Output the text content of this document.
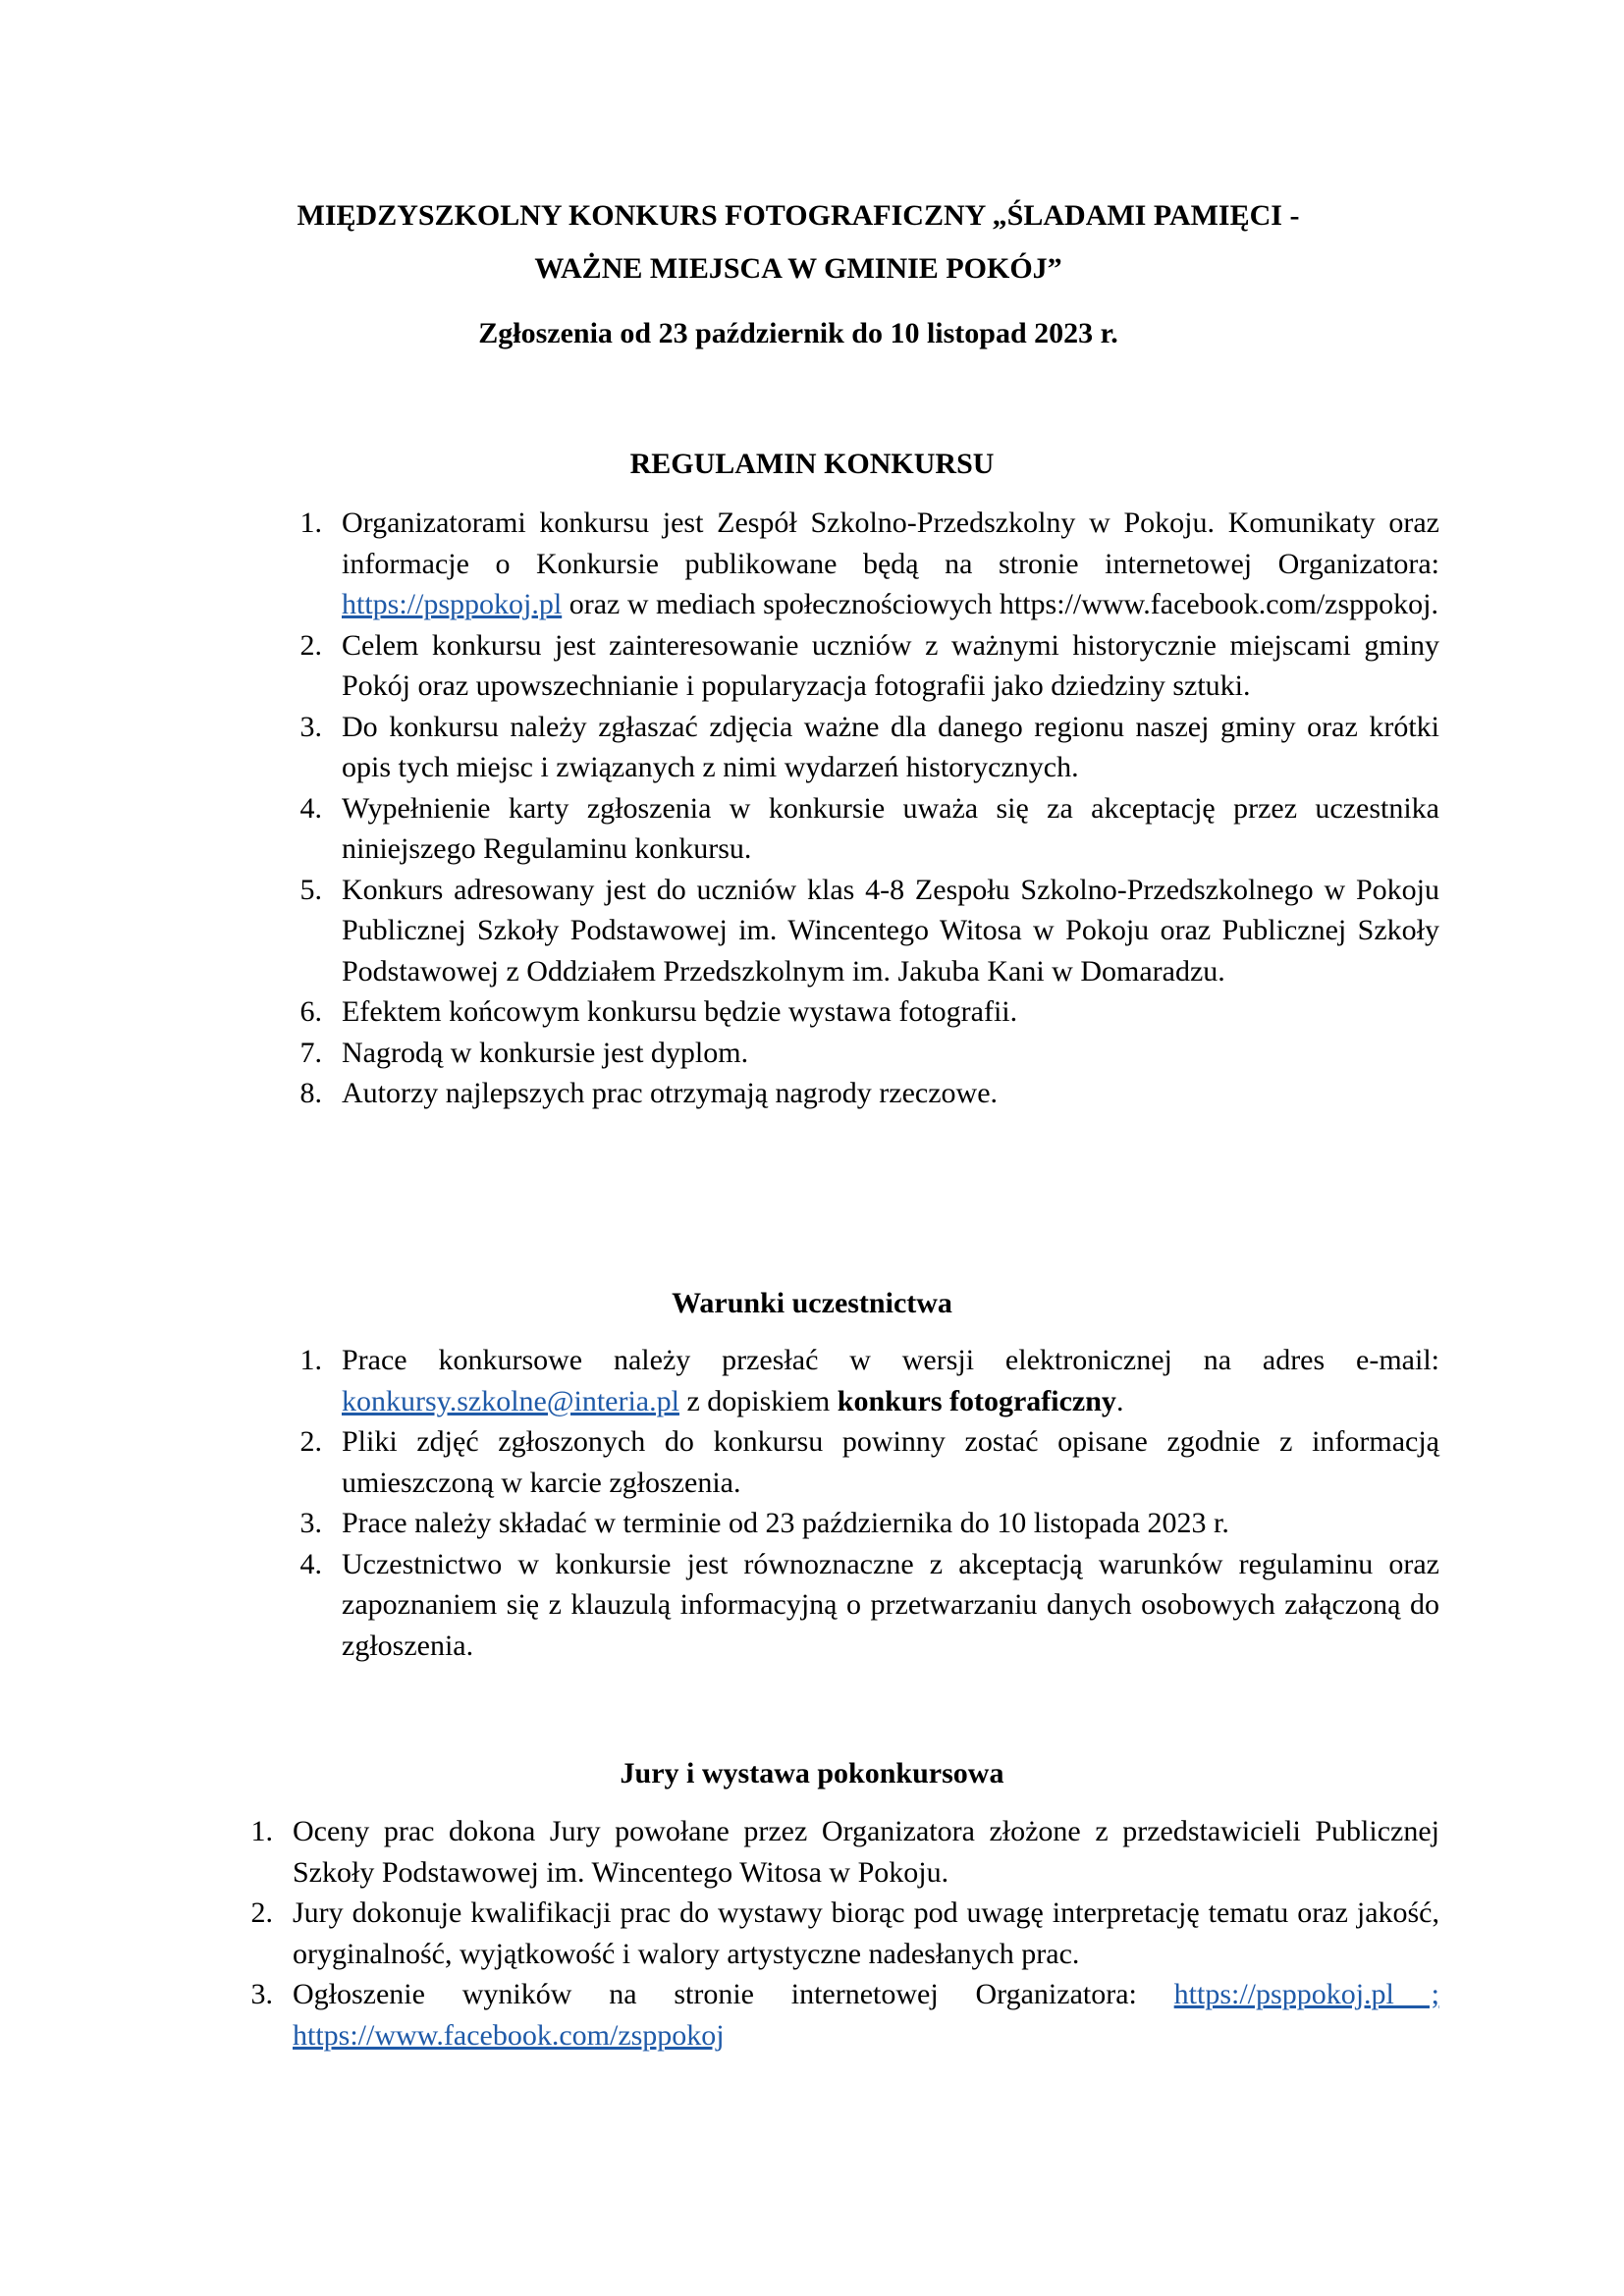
MIĘDZYSZKOLNY KONKURS FOTOGRAFICZNY „ŚLADAMI PAMIĘCI -
WAŻNE MIEJSCA W GMINIE POKÓJ”
Zgłoszenia od 23 październik do 10 listopad 2023 r.
REGULAMIN KONKURSU
1. Organizatorami konkursu jest Zespół Szkolno-Przedszkolny w Pokoju. Komunikaty oraz informacje o Konkursie publikowane będą na stronie internetowej Organizatora: https://psppokoj.pl oraz w mediach społecznościowych https://www.facebook.com/zsppokoj.
2. Celem konkursu jest zainteresowanie uczniów z ważnymi historycznie miejscami gminy Pokój oraz upowszechnianie i popularyzacja fotografii jako dziedziny sztuki.
3. Do konkursu należy zgłaszać zdjęcia ważne dla danego regionu naszej gminy oraz krótki opis tych miejsc i związanych z nimi wydarzeń historycznych.
4. Wypełnienie karty zgłoszenia w konkursie uważa się za akceptację przez uczestnika niniejszego Regulaminu konkursu.
5. Konkurs adresowany jest do uczniów klas 4-8 Zespołu Szkolno-Przedszkolnego w Pokoju Publicznej Szkoły Podstawowej im. Wincentego Witosa w Pokoju oraz Publicznej Szkoły Podstawowej z Oddziałem Przedszkolnym im. Jakuba Kani w Domaradzu.
6. Efektem końcowym konkursu będzie wystawa fotografii.
7. Nagrodą w konkursie jest dyplom.
8. Autorzy najlepszych prac otrzymają nagrody rzeczowe.
Warunki uczestnictwa
1. Prace konkursowe należy przesłać w wersji elektronicznej na adres e-mail: konkursy.szkolne@interia.pl z dopiskiem konkurs fotograficzny.
2. Pliki zdjęć zgłoszonych do konkursu powinny zostać opisane zgodnie z informacją umieszczoną w karcie zgłoszenia.
3. Prace należy składać w terminie od 23 października do 10 listopada 2023 r.
4. Uczestnictwo w konkursie jest równoznaczne z akceptacją warunków regulaminu oraz zapoznaniem się z klauzulą informacyjną o przetwarzaniu danych osobowych załączoną do zgłoszenia.
Jury i wystawa pokonkursowa
1. Oceny prac dokona Jury powołane przez Organizatora złożone z przedstawicieli Publicznej Szkoły Podstawowej im. Wincentego Witosa w Pokoju.
2. Jury dokonuje kwalifikacji prac do wystawy biorąc pod uwagę interpretację tematu oraz jakość, oryginalność, wyjątkowość i walory artystyczne nadesłanych prac.
3. Ogłoszenie wyników na stronie internetowej Organizatora: https://psppokoj.pl ; https://www.facebook.com/zsppokoj
